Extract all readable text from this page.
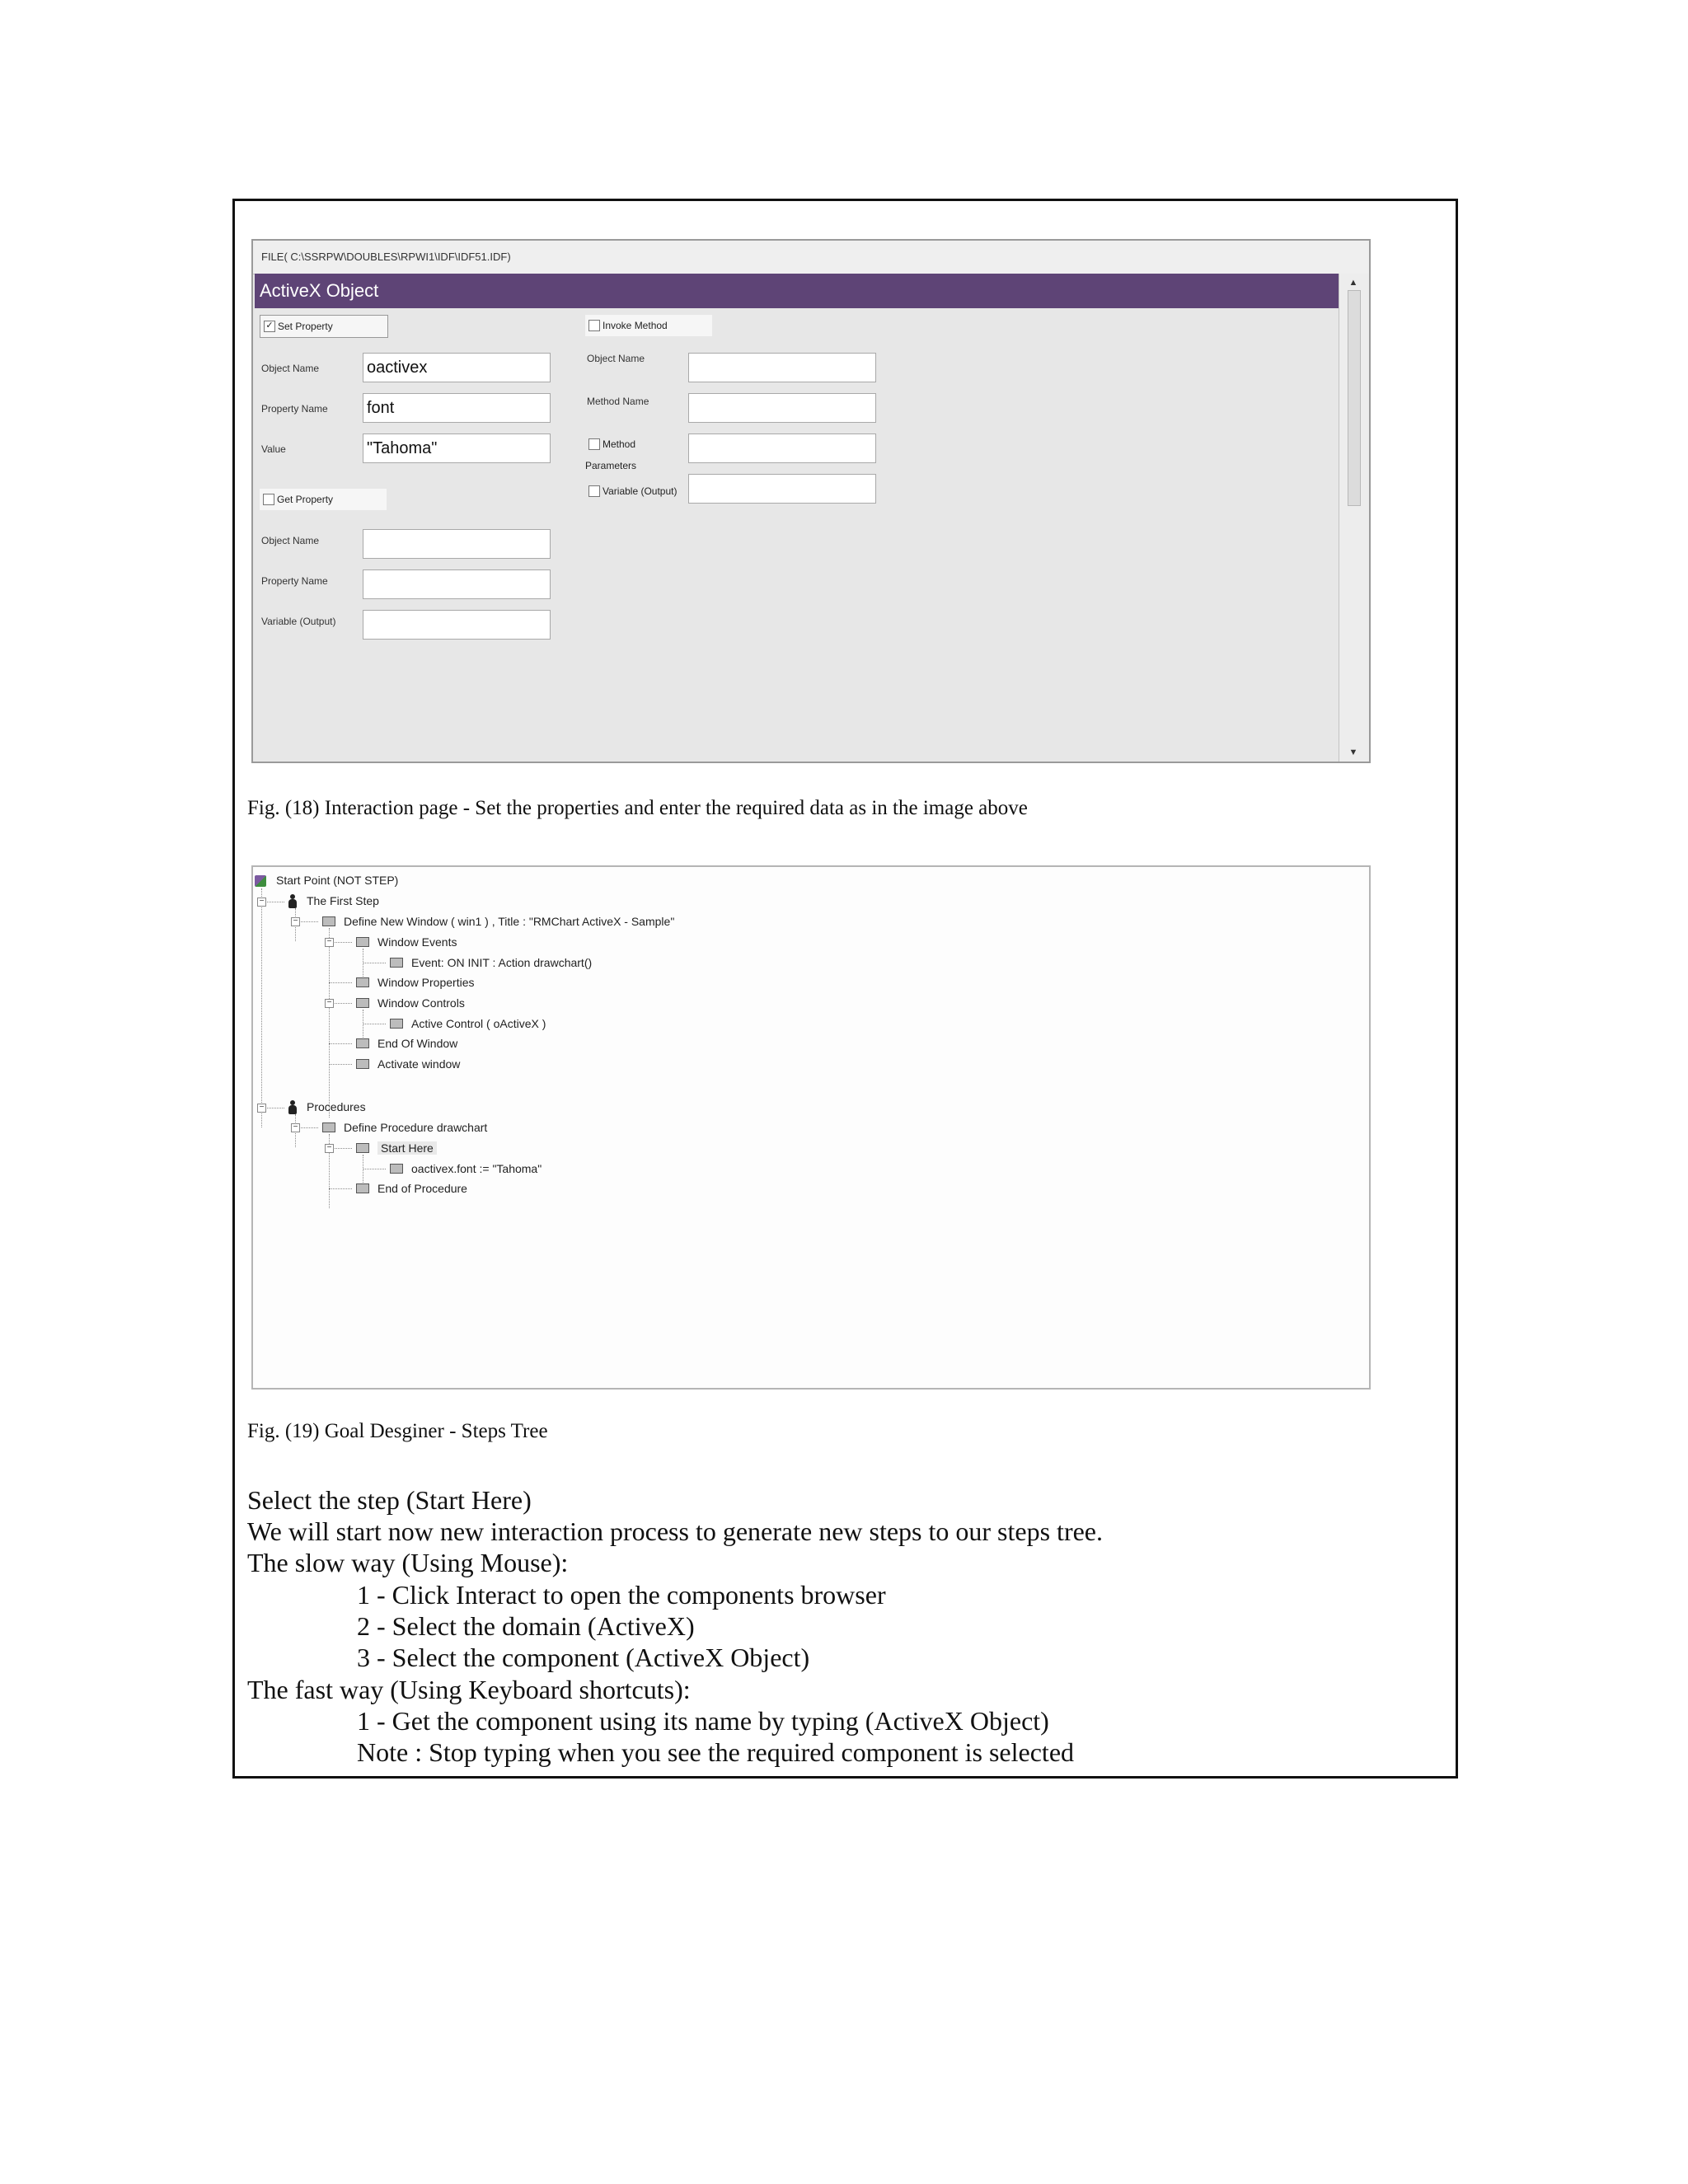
FILE( C:\SSRPW\DOUBLES\RPWI1\IDF\IDF51.IDF)
ActiveX Object
✓ Set Property
Object Name	oactivex
Property Name font
Value	"Tahoma"
Get Property
Object Name
Property Name
Variable (Output)
Invoke Method
Object Name
Method Name
Method Parameters
Variable (Output)
▲
▼
Fig. (18) Interaction page - Set the properties and enter the required data as in the image above
−
−
−
−
−
−
−
Start Point (NOT STEP)
The First Step
Define New Window ( win1 ) , Title : "RMChart ActiveX - Sample"
Window Events
Event: ON INIT : Action drawchart()
Window Properties
Window Controls
Active Control ( oActiveX )
End Of Window
Activate window
Procedures
Define Procedure drawchart
Start Here
oactivex.font := "Tahoma"
End of Procedure
Fig. (19) Goal Desginer - Steps Tree
Select the step (Start Here)
We will start now new interaction process to generate new steps to our steps tree.
The slow way (Using Mouse):
1 - Click Interact to open the components browser
2 - Select the domain (ActiveX)
3 - Select the component (ActiveX Object)
The fast way (Using Keyboard shortcuts):
1 - Get the component using its name by typing (ActiveX Object)
Note : Stop typing when you see the required component is selected
